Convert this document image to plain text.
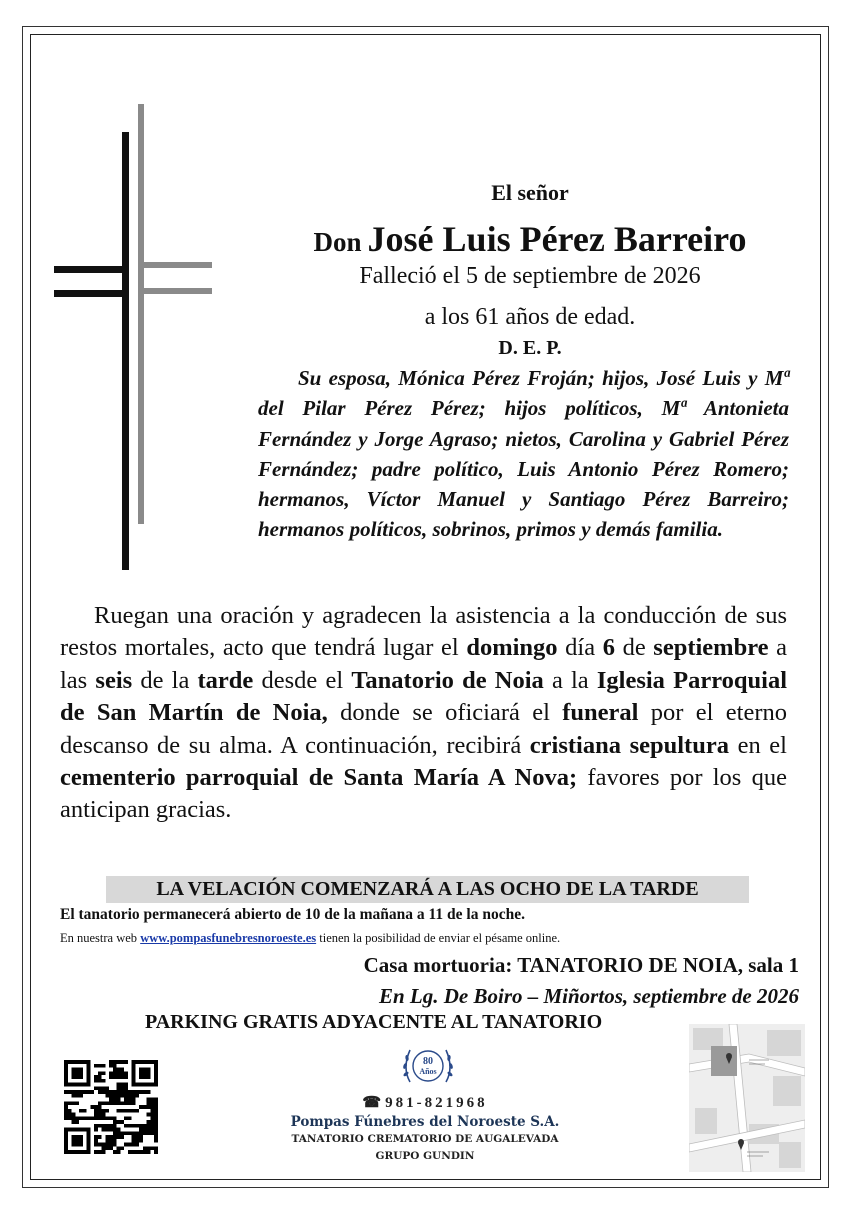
El señor
Don José Luis Pérez Barreiro
Falleció el 5 de septiembre de 2026
a los 61 años de edad.
D. E. P.
Su esposa, Mónica Pérez Froján; hijos, José Luis y Mª del Pilar Pérez Pérez; hijos políticos, Mª Antonieta Fernández y Jorge Agraso; nietos, Carolina y Gabriel Pérez Fernández; padre político, Luis Antonio Pérez Romero; hermanos, Víctor Manuel y Santiago Pérez Barreiro; hermanos políticos, sobrinos, primos y demás familia.
Ruegan una oración y agradecen la asistencia a la conducción de sus restos mortales, acto que tendrá lugar el domingo día 6 de septiembre a las seis de la tarde desde el Tanatorio de Noia a la Iglesia Parroquial de San Martín de Noia, donde se oficiará el funeral por el eterno descanso de su alma. A continuación, recibirá cristiana sepultura en el cementerio parroquial de Santa María A Nova; favores por los que anticipan gracias.
LA VELACIÓN COMENZARÁ A LAS OCHO DE LA TARDE
El tanatorio permanecerá abierto de 10 de la mañana a 11 de la noche.
En nuestra web www.pompasfunebresnoroeste.es tienen la posibilidad de enviar el pésame online.
Casa mortuoria: TANATORIO DE NOIA, sala 1
En Lg. De Boiro – Miñortos, septiembre de 2026
PARKING GRATIS ADYACENTE AL TANATORIO
80
Años
☎ 981-821968
Pompas Fúnebres del Noroeste S.A.
TANATORIO CREMATORIO DE AUGALEVADA
GRUPO GUNDIN
